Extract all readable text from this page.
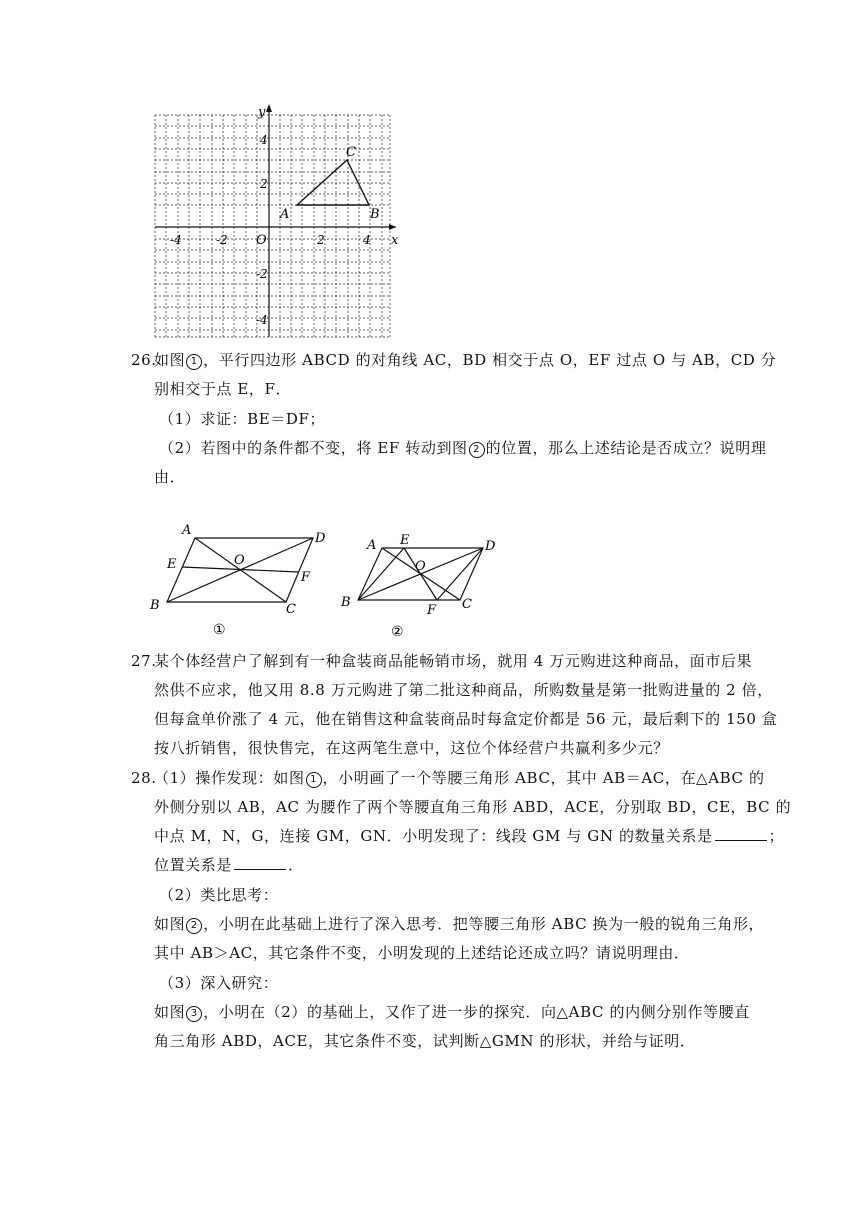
x
y
O
-4	-2	2	4
4
2
-2
-4
A	B
C
26.
如图 1 ，平行四边形 ABCD 的对角线 AC，BD 相交于点 O，EF 过点 O 与 AB，CD 分
别相交于点 E，F．
（1）求证：BE＝DF；
（2）若图中的条件都不变，将 EF 转动到图 2 的位置，那么上述结论是否成立？说明理
由．
A
D
E	O
F
B	C
①
A E	D
O
B
F C
②
27.
某个体经营户了解到有一种盒装商品能畅销市场，就用 4 万元购进这种商品，面市后果
然供不应求，他又用 8.8 万元购进了第二批这种商品，所购数量是第一批购进量的 2 倍，
但每盒单价涨了 4 元，他在销售这种盒装商品时每盒定价都是 56 元，最后剩下的 150 盒
按八折销售，很快售完，在这两笔生意中，这位个体经营户共赢利多少元？
28.
（1）操作发现：如图 1 ，小明画了一个等腰三角形 ABC，其中 AB＝AC，在△ABC 的
外侧分别以 AB，AC 为腰作了两个等腰直角三角形 ABD，ACE，分别取 BD，CE，BC 的
中点 M，N，G，连接 GM，GN．小明发现了：线段 GM 与 GN 的数量关系是	；
位置关系是	．
（2）类比思考：
如图 2 ，小明在此基础上进行了深入思考．把等腰三角形 ABC 换为一般的锐角三角形，
其中 AB＞AC，其它条件不变，小明发现的上述结论还成立吗？请说明理由．
（3）深入研究：
如图 3 ，小明在（2）的基础上，又作了进一步的探究．向△ABC 的内侧分别作等腰直
角三角形 ABD，ACE，其它条件不变，试判断△GMN 的形状，并给与证明．
